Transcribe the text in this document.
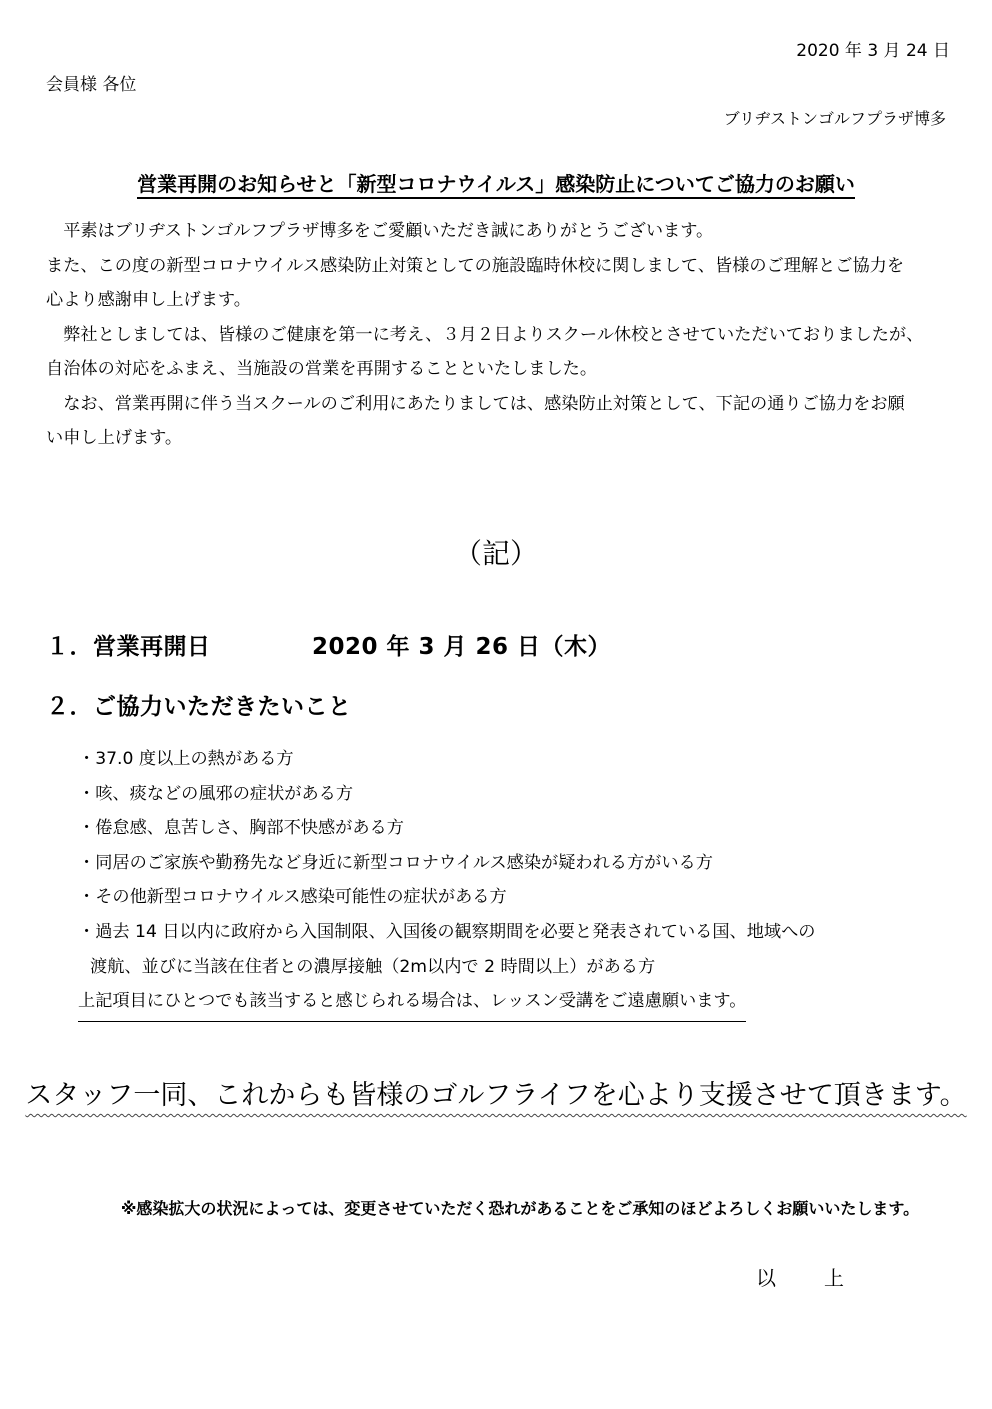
2020 年 3 月 24 日
会員様 各位
ブリヂストンゴルフプラザ博多
営業再開のお知らせと「新型コロナウイルス」感染防止についてご協力のお願い

平素はブリヂストンゴルフプラザ博多をご愛顧いただき誠にありがとうございます。

また、この度の新型コロナウイルス感染防止対策としての施設臨時休校に関しまして、皆様のご理解とご協力を

心より感謝申し上げます。

弊社としましては、皆様のご健康を第一に考え、３月２日よりスクール休校とさせていただいておりましたが、

自治体の対応をふまえ、当施設の営業を再開することといたしました。

なお、営業再開に伴う当スクールのご利用にあたりましては、感染防止対策として、下記の通りご協力をお願

い申し上げます。

（記）
１．営業再開日	2020 年 3 月 26 日（木）
２．ご協力いただきたいこと
・37.0 度以上の熱がある方
・咳、痰などの風邪の症状がある方
・倦怠感、息苦しさ、胸部不快感がある方
・同居のご家族や勤務先など身近に新型コロナウイルス感染が疑われる方がいる方
・その他新型コロナウイルス感染可能性の症状がある方
・過去 14 日以内に政府から入国制限、入国後の観察期間を必要と発表されている国、地域への
渡航、並びに当該在住者との濃厚接触（2m以内で 2 時間以上）がある方
上記項目にひとつでも該当すると感じられる場合は、レッスン受講をご遠慮願います。
スタッフ一同、これからも皆様のゴルフライフを心より支援させて頂きます。
※感染拡大の状況によっては、変更させていただく恐れがあることをご承知のほどよろしくお願いいたします。
以上
